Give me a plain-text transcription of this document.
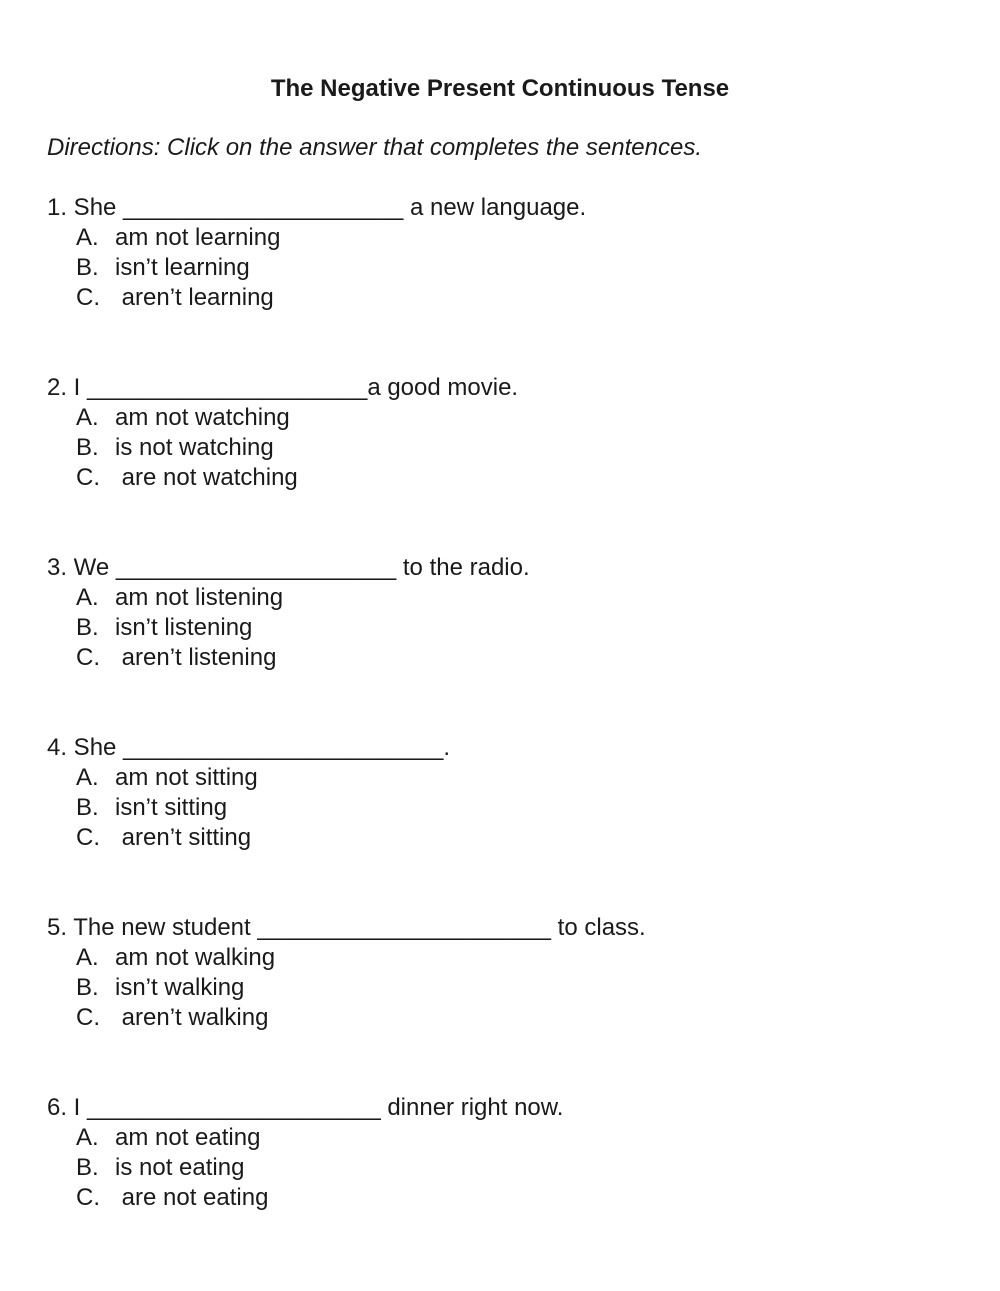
The Negative Present Continuous Tense

Directions: Click on the answer that completes the sentences.

1. She _____________________ a new language.

A. am not learning
B. isn’t learning
C. aren’t learning

2. I _____________________a good movie.

A. am not watching
B. is not watching
C. are not watching

3. We _____________________ to the radio.

A. am not listening
B. isn’t listening
C. aren’t listening

4. She ________________________.

A. am not sitting
B. isn’t sitting
C. aren’t sitting

5. The new student ______________________ to class.

A. am not walking
B. isn’t walking
C. aren’t walking

6. I ______________________ dinner right now.

A. am not eating
B. is not eating
C. are not eating
